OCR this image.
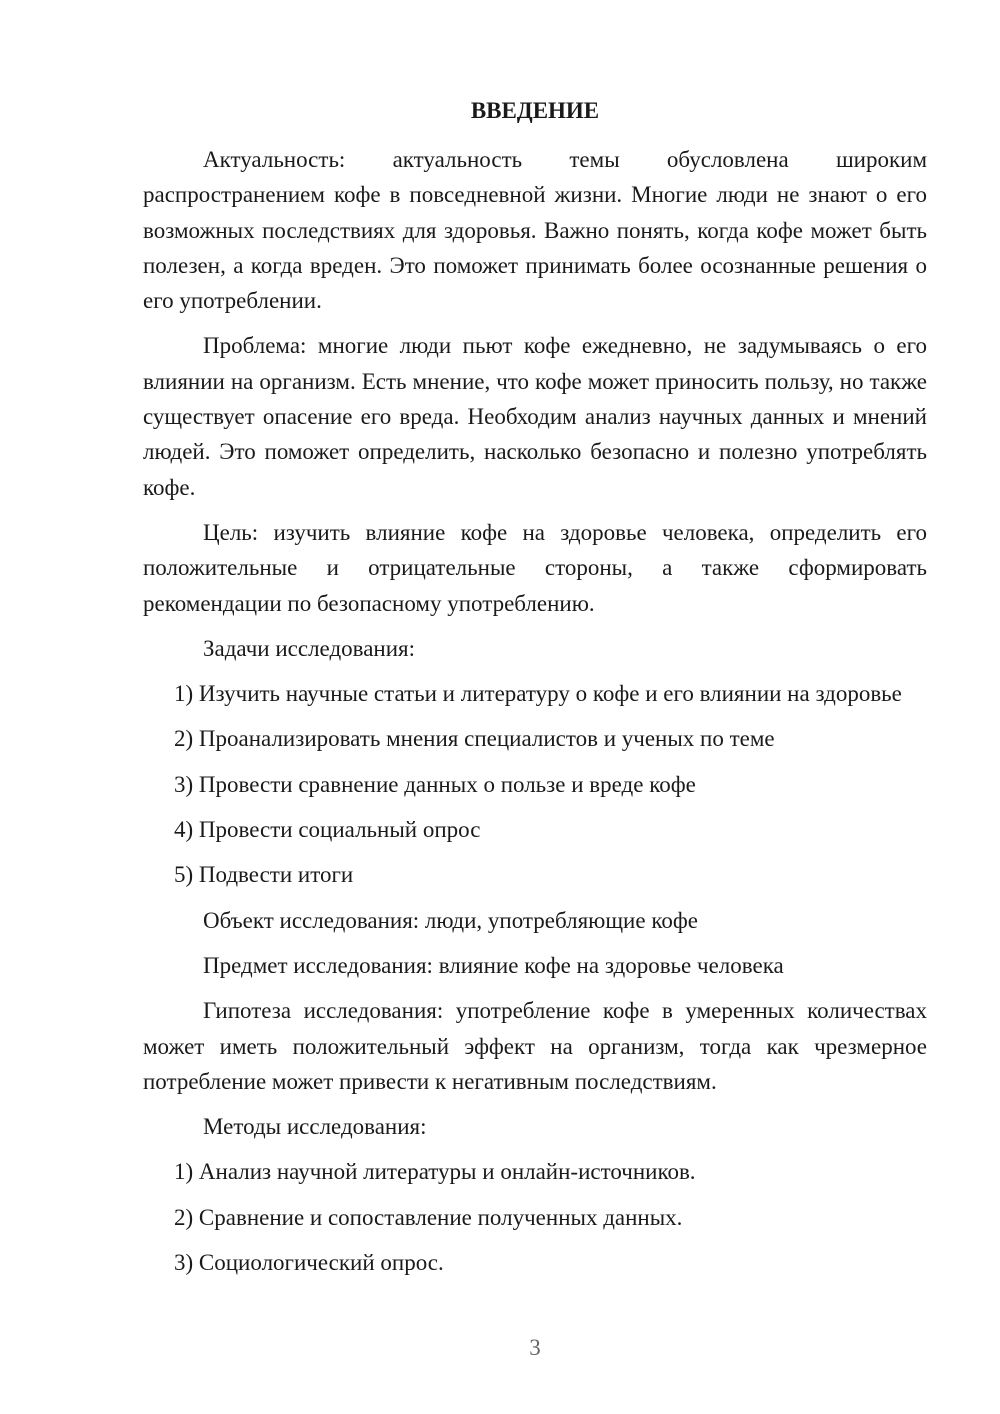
ВВЕДЕНИЕ

Актуальность: актуальность темы обусловлена широким распространением кофе в повседневной жизни. Многие люди не знают о его возможных последствиях для здоровья. Важно понять, когда кофе может быть полезен, а когда вреден. Это поможет принимать более осознанные решения о его употреблении.

Проблема: многие люди пьют кофе ежедневно, не задумываясь о его влиянии на организм. Есть мнение, что кофе может приносить пользу, но также существует опасение его вреда. Необходим анализ научных данных и мнений людей. Это поможет определить, насколько безопасно и полезно употреблять кофе.

Цель: изучить влияние кофе на здоровье человека, определить его положительные и отрицательные стороны, а также сформировать рекомендации по безопасному употреблению.

Задачи исследования:

1) Изучить научные статьи и литературу о кофе и его влиянии на здоровье

2) Проанализировать мнения специалистов и ученых по теме

3) Провести сравнение данных о пользе и вреде кофе

4) Провести социальный опрос

5) Подвести итоги

Объект исследования: люди, употребляющие кофе

Предмет исследования: влияние кофе на здоровье человека

Гипотеза исследования: употребление кофе в умеренных количествах может иметь положительный эффект на организм, тогда как чрезмерное потребление может привести к негативным последствиям.

Методы исследования:

1) Анализ научной литературы и онлайн-источников.

2) Сравнение и сопоставление полученных данных.

3) Социологический опрос.

3
